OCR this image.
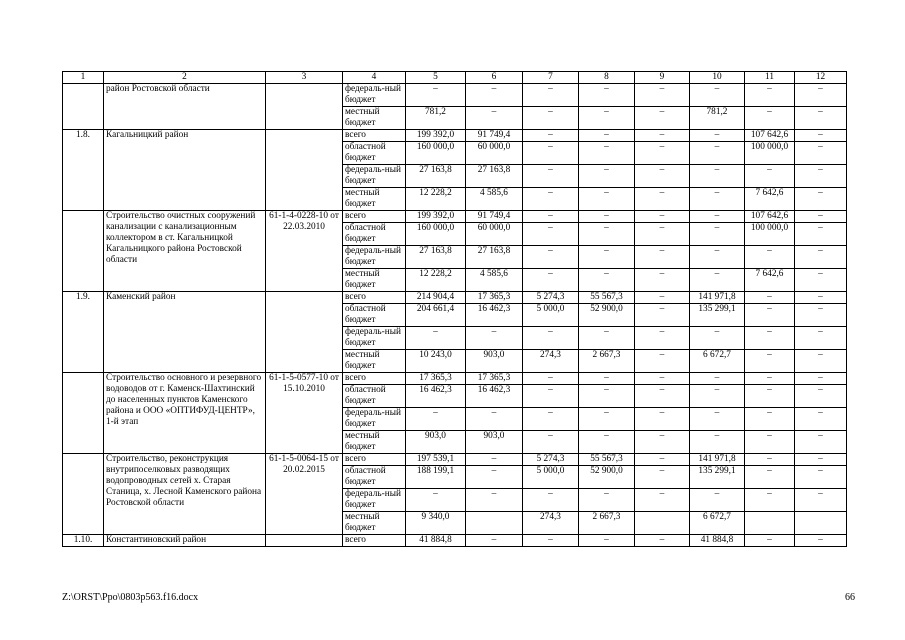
1	2	3	4	5	6	7	8	9	10	11	12
	район Ростовской области		федераль-ный бюджет	–	–	–	–	–	–	–	–
			местный бюджет	781,2	–	–	–	–	781,2	–	–
1.8.	Кагальницкий район		всего	199 392,0	91 749,4	–	–	–	–	107 642,6	–
			областной бюджет	160 000,0	60 000,0	–	–	–	–	100 000,0	–
			федераль-ный бюджет	27 163,8	27 163,8	–	–	–	–	–	–
			местный бюджет	12 228,2	4 585,6	–	–	–	–	7 642,6	–
	Строительство очистных сооружений канализации с канализационным коллектором в ст. Кагальницкой Кагальницкого района Ростовской области	61-1-4-0228-10 от 22.03.2010	всего	199 392,0	91 749,4	–	–	–	–	107 642,6	–
			областной бюджет	160 000,0	60 000,0	–	–	–	–	100 000,0	–
			федераль-ный бюджет	27 163,8	27 163,8	–	–	–	–	–	–
			местный бюджет	12 228,2	4 585,6	–	–	–	–	7 642,6	–
1.9.	Каменский район		всего	214 904,4	17 365,3	5 274,3	55 567,3	–	141 971,8	–	–
			областной бюджет	204 661,4	16 462,3	5 000,0	52 900,0	–	135 299,1	–	–
			федераль-ный бюджет	–	–	–	–	–	–	–	–
			местный бюджет	10 243,0	903,0	274,3	2 667,3	–	6 672,7	–	–
	Строительство основного и резервного водоводов от г. Каменск-Шахтинский до населенных пунктов Каменского района и ООО «ОПТИФУД-ЦЕНТР», 1-й этап	61-1-5-0577-10 от 15.10.2010	всего	17 365,3	17 365,3	–	–	–	–	–	–
			областной бюджет	16 462,3	16 462,3	–	–	–	–	–	–
			федераль-ный бюджет	–	–	–	–	–	–	–	–
			местный бюджет	903,0	903,0	–	–	–	–	–	–
	Строительство, реконструкция внутрипоселковых разводящих водопроводных сетей х. Старая Станица, х. Лесной Каменского района Ростовской области	61-1-5-0064-15 от 20.02.2015	всего	197 539,1	–	5 274,3	55 567,3	–	141 971,8	–	–
			областной бюджет	188 199,1	–	5 000,0	52 900,0	–	135 299,1	–	–
			федераль-ный бюджет	–	–	–	–	–	–	–	–
			местный бюджет	9 340,0		274,3	2 667,3		6 672,7		
1.10.	Константиновский район		всего	41 884,8	–	–	–	–	41 884,8	–	–
Z:\ORST\Ppo\0803p563.f16.docx	66
